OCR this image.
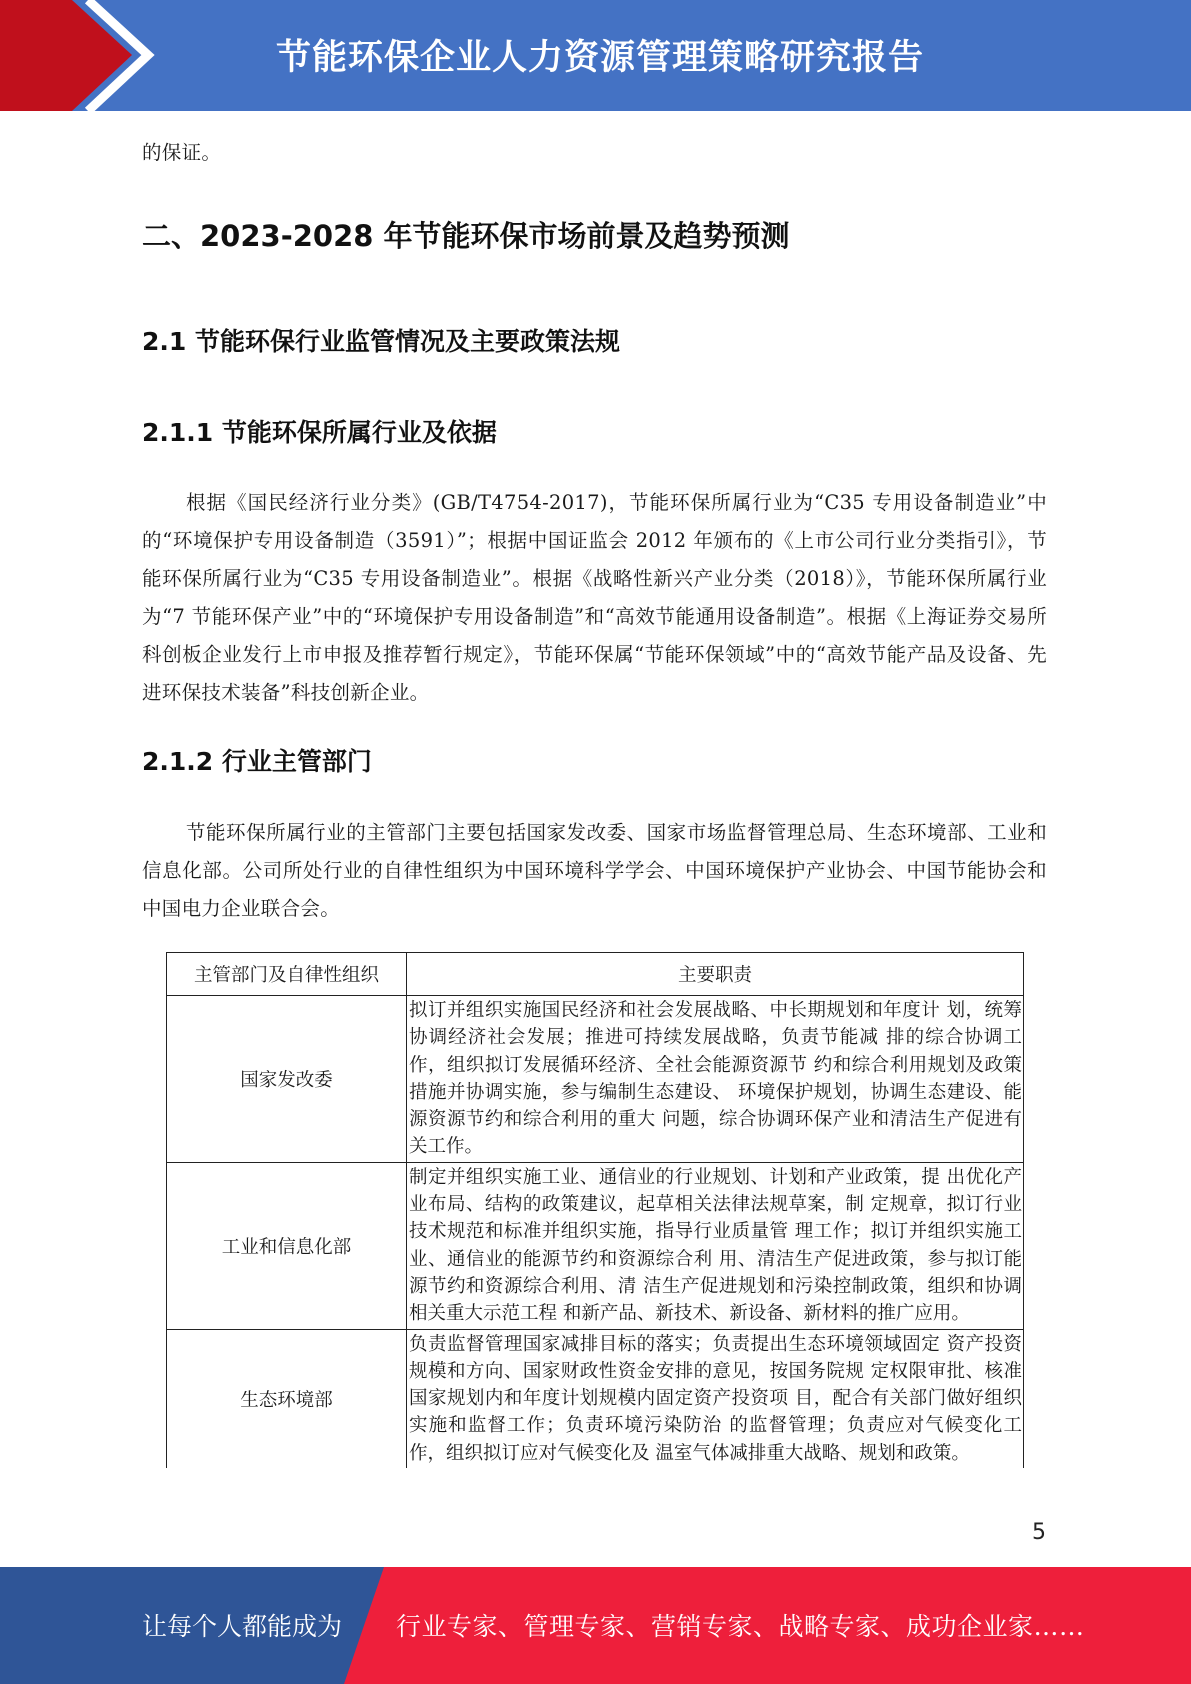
节能环保企业人力资源管理策略研究报告

的保证。

二、2023-2028 年节能环保市场前景及趋势预测
2.1 节能环保行业监管情况及主要政策法规
2.1.1 节能环保所属行业及依据

根据《国民经济行业分类》(GB/T4754-2017)，节能环保所属行业为“C35 专用设备制造业”中的“环境保护专用设备制造（3591）”；根据中国证监会 2012 年颁布的《上市公司行业分类指引》，节能环保所属行业为“C35 专用设备制造业”。根据《战略性新兴产业分类（2018）》，节能环保所属行业为“7 节能环保产业”中的“环境保护专用设备制造”和“高效节能通用设备制造”。根据《上海证券交易所科创板企业发行上市申报及推荐暂行规定》，节能环保属“节能环保领域”中的“高效节能产品及设备、先进环保技术装备”科技创新企业。

2.1.2 行业主管部门

节能环保所属行业的主管部门主要包括国家发改委、国家市场监督管理总局、生态环境部、工业和信息化部。公司所处行业的自律性组织为中国环境科学学会、中国环境保护产业协会、中国节能协会和中国电力企业联合会。

主管部门及自律性组织	主要职责
国家发改委	拟订并组织实施国民经济和社会发展战略、中长期规划和年度计 划，统筹协调经济社会发展；推进可持续发展战略，负责节能减 排的综合协调工作，组织拟订发展循环经济、全社会能源资源节 约和综合利用规划及政策措施并协调实施，参与编制生态建设、 环境保护规划，协调生态建设、能源资源节约和综合利用的重大 问题，综合协调环保产业和清洁生产促进有关工作。
工业和信息化部	制定并组织实施工业、通信业的行业规划、计划和产业政策，提 出优化产业布局、结构的政策建议，起草相关法律法规草案，制 定规章，拟订行业技术规范和标准并组织实施，指导行业质量管 理工作；拟订并组织实施工业、通信业的能源节约和资源综合利 用、清洁生产促进政策，参与拟订能源节约和资源综合利用、清 洁生产促进规划和污染控制政策，组织和协调相关重大示范工程 和新产品、新技术、新设备、新材料的推广应用。
生态环境部	负责监督管理国家减排目标的落实；负责提出生态环境领域固定 资产投资规模和方向、国家财政性资金安排的意见，按国务院规 定权限审批、核准国家规划内和年度计划规模内固定资产投资项 目，配合有关部门做好组织实施和监督工作；负责环境污染防治 的监督管理；负责应对气候变化工作，组织拟订应对气候变化及 温室气体减排重大战略、规划和政策。
5
让每个人都能成为 行业专家、管理专家、营销专家、战略专家、成功企业家……
